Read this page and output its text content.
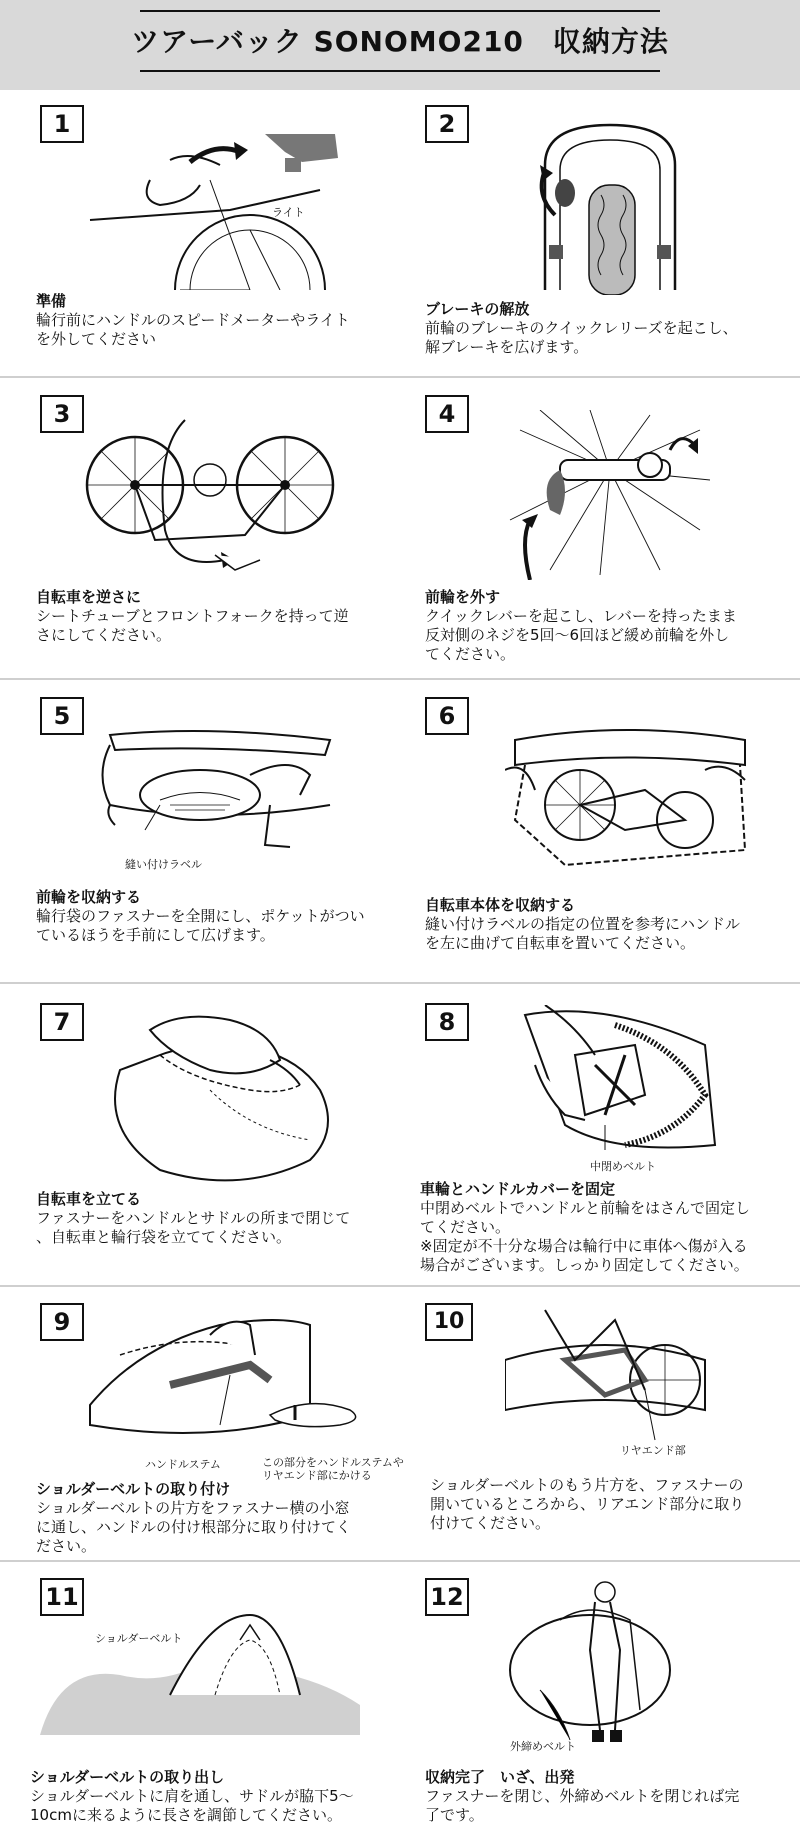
ツアーバック SONOMO210　収納方法
1
ライト
準備
輪行前にハンドルのスピードメーターやライト
を外してください
2
ブレーキの解放
前輪のブレーキのクイックレリーズを起こし、
解ブレーキを広げます。
3
自転車を逆さに
シートチューブとフロントフォークを持って逆
さにしてください。
4
前輪を外す
クイックレバーを起こし、レバーを持ったまま
反対側のネジを5回～6回ほど緩め前輪を外し
てください。
5
縫い付けラベル
前輪を収納する
輪行袋のファスナーを全開にし、ポケットがつい
ているほうを手前にして広げます。
6
自転車本体を収納する
縫い付けラベルの指定の位置を参考にハンドル
を左に曲げて自転車を置いてください。
7
自転車を立てる
ファスナーをハンドルとサドルの所まで閉じて
、自転車と輪行袋を立ててください。
8
中閉めベルト
車輪とハンドルカバーを固定
中閉めベルトでハンドルと前輪をはさんで固定し
てください。
※固定が不十分な場合は輪行中に車体へ傷が入る
場合がございます。しっかり固定してください。
9
ハンドルステム	この部分をハンドルステムや
リヤエンド部にかける
ショルダーベルトの取り付け
ショルダーベルトの片方をファスナー横の小窓
に通し、ハンドルの付け根部分に取り付けてく
ださい。
10
リヤエンド部
ショルダーベルトのもう片方を、ファスナーの
開いているところから、リアエンド部分に取り
付けてください。
11
ショルダーベルト
ショルダーベルトの取り出し
ショルダーベルトに肩を通し、サドルが脇下5～
10cmに来るように長さを調節してください。
12
外締めベルト
収納完了　いざ、出発
ファスナーを閉じ、外締めベルトを閉じれば完
了です。
